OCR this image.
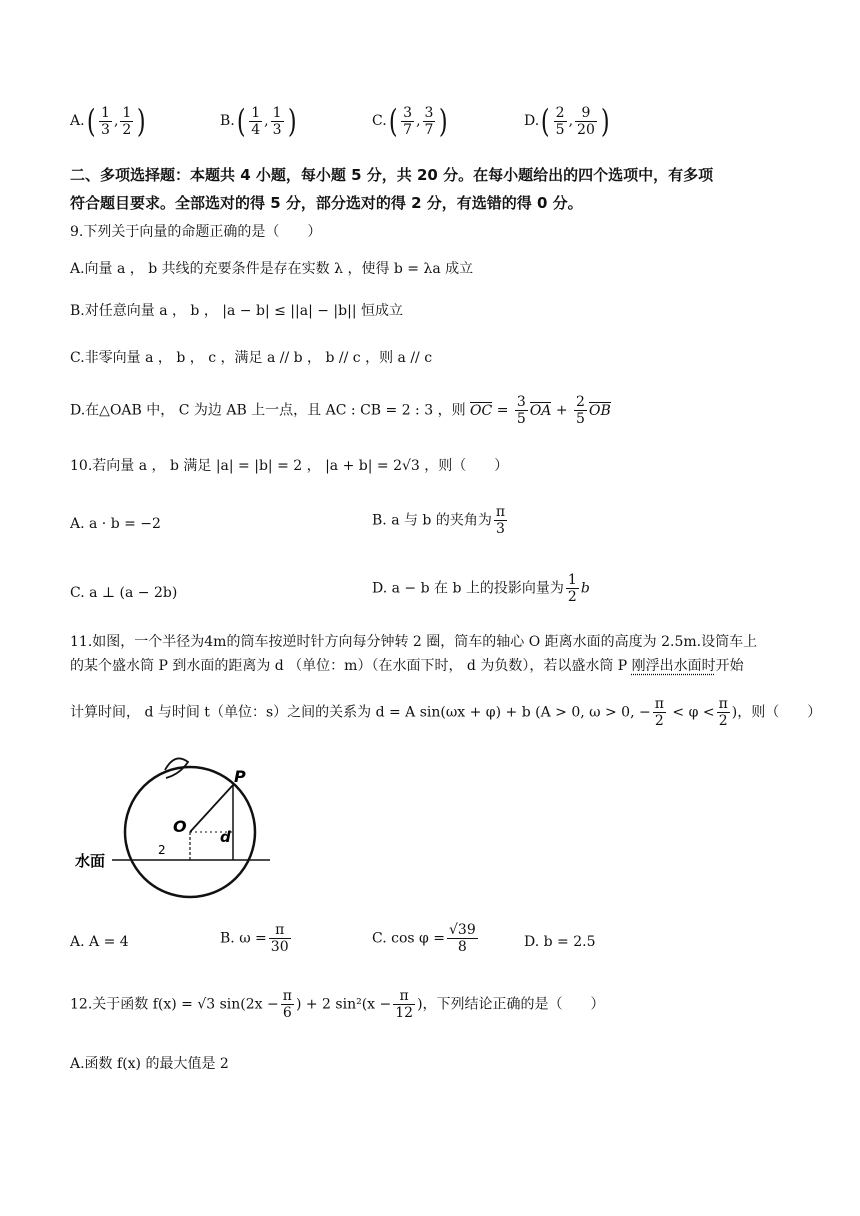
$A.( \frac{1}{3}$ , $\frac{1}{2}$ )	$B.( \frac{1}{4}$ , $\frac{1}{3}$ )	$C.( \frac{3}{7}$ , $\frac{3}{7}$ )	$D.( \frac{2}{5}$ , $\frac{9}{20}$ )
二、多项选择题：本题共 4 小题，每小题 5 分，共 20 分。在每小题给出的四个选项中，有多项
符合题目要求。全部选对的得 5 分，部分选对的得 2 分，有选错的得 0 分。
9.下列关于向量的命题正确的是（　　）
A.向量 a ， b 共线的充要条件是存在实数 λ ，使得 b = λa 成立
B.对任意向量 a ， b ， |a − b| ≤ ||a| − |b|| 恒成立
C.非零向量 a ， b ， c ，满足 a // b ， b // c ，则 a // c
D.在△OAB 中， C 为边 AB 上一点，且 AC : CB = 2 : 3 ，则 OC = $\frac{3}{5}$ OA + $\frac{2}{5}$ OB
10.若向量 a ， b 满足 |a| = |b| = 2 ， |a + b| = 2√3 ，则（　　）
A. a · b = −2	B. a 与 b 的夹角为 $\frac{\pi}{3}$
C. a ⊥ (a − 2b)	D. a − b 在 b 上的投影向量为 $\frac{1}{2}$ b
11.如图，一个半径为4m的筒车按逆时针方向每分钟转 2 圈，筒车的轴心 O 距离水面的高度为 2.5m.设筒车上
的某个盛水筒 P 到水面的距离为 d （单位：m）（在水面下时， d 为负数），若以盛水筒 P 刚浮出水面时开始
计算时间， d 与时间 t（单位：s）之间的关系为 d = A sin(ωx + φ) + b (A > 0, ω > 0, − $\frac{\pi}{2} < \varphi < \frac{\pi}{2}$ )，则（　　）
P
O
d
2
水面
A. A = 4	B. $\omega = \frac{\pi}{30}$	C. $\cos \varphi = \frac{√39}{8}$	D. b = 2.5
12.关于函数 f(x) = √3 $\sin(2x - \frac{\pi}{6}$ ) + 2 $\sin^2(x - \frac{\pi}{12}$ )，下列结论正确的是（　　）
A.函数 f(x) 的最大值是 2
